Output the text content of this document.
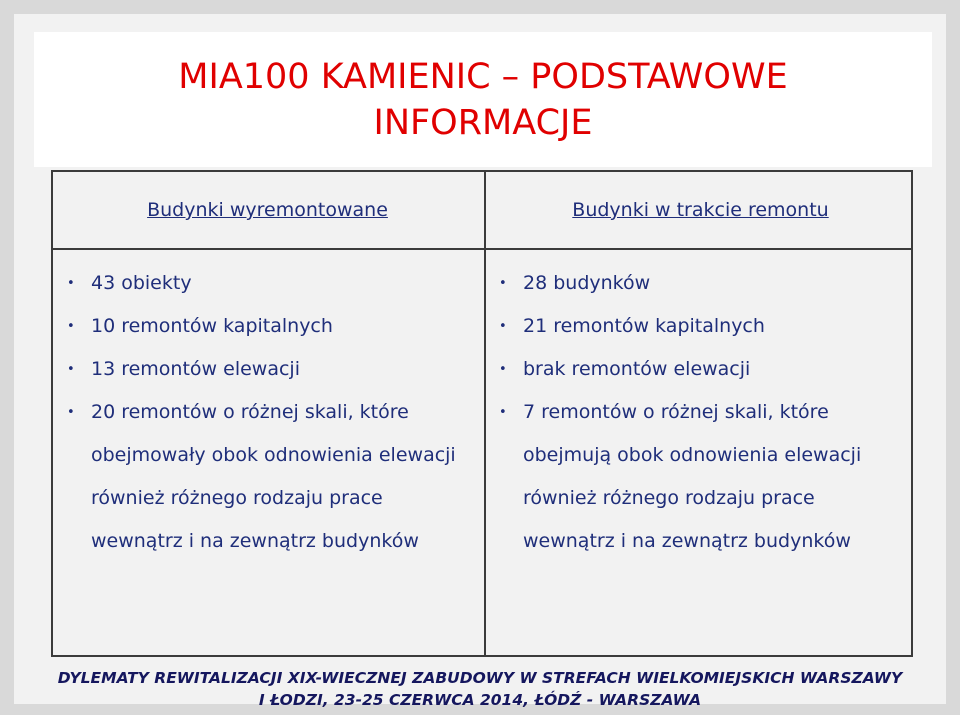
MIA100 KAMIENIC – PODSTAWOWE
INFORMACJE
Budynki wyremontowane	Budynki w trakcie remontu
• 43 obiekty
• 10 remontów kapitalnych
• 13 remontów elewacji
• 20 remontów o różnej skali, które obejmowały obok odnowienia elewacji również różnego rodzaju prace wewnątrz i na zewnątrz budynków
• 28 budynków
• 21 remontów kapitalnych
• brak remontów elewacji
• 7 remontów o różnej skali, które obejmują obok odnowienia elewacji również różnego rodzaju prace wewnątrz i na zewnątrz budynków
DYLEMATY REWITALIZACJI XIX-WIECZNEJ ZABUDOWY W STREFACH WIELKOMIEJSKICH WARSZAWY
I ŁODZI, 23-25 CZERWCA 2014, ŁÓDŹ - WARSZAWA
